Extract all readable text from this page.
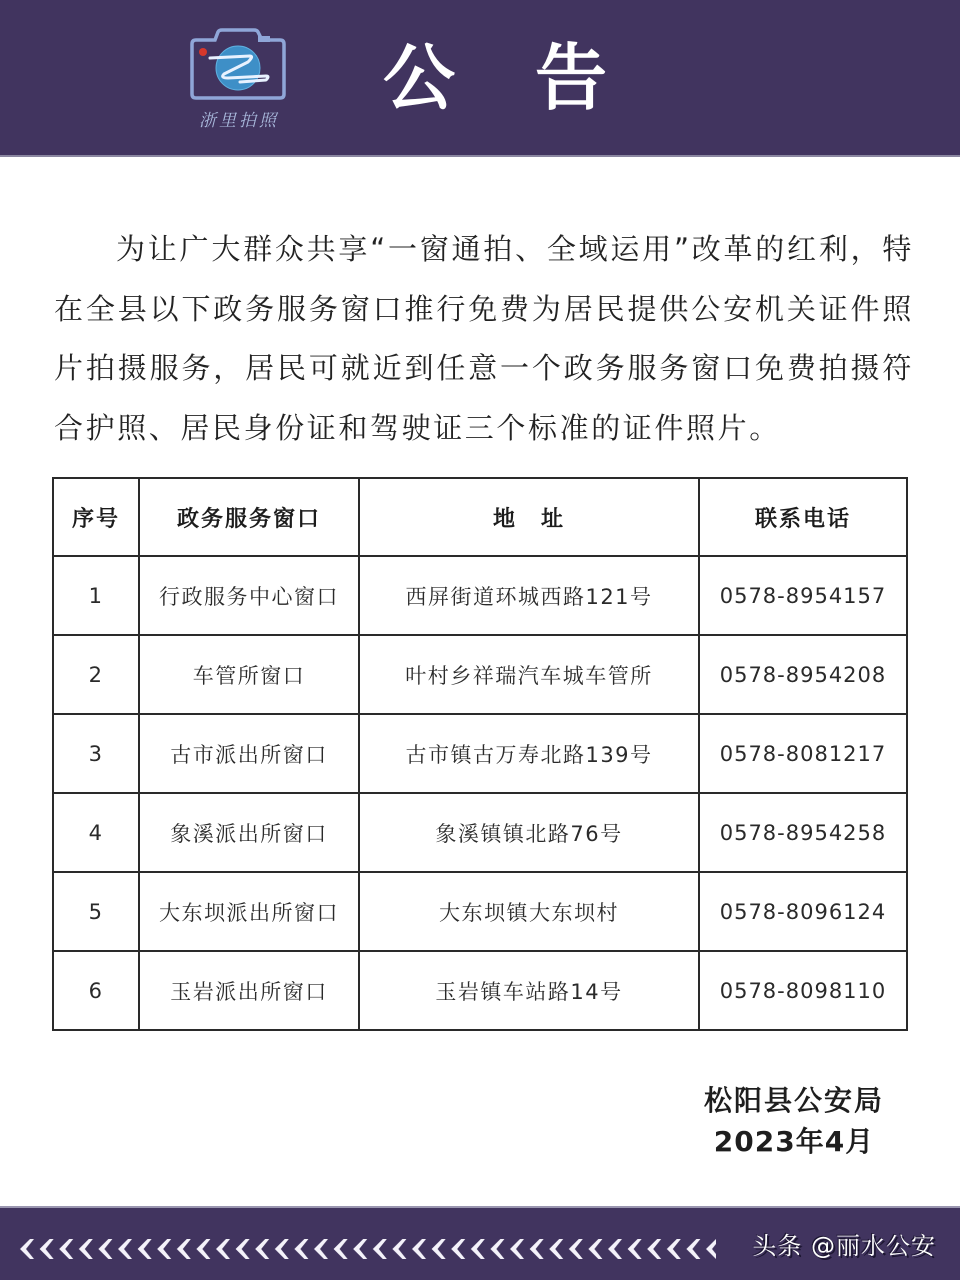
浙里拍照
公告

为让广大群众共享“一窗通拍、全域运用”改革的红利，特在全县以下政务服务窗口推行免费为居民提供公安机关证件照片拍摄服务，居民可就近到任意一个政务服务窗口免费拍摄符合护照、居民身份证和驾驶证三个标准的证件照片。

序号	政务服务窗口	地　址	联系电话
1	行政服务中心窗口	西屏街道环城西路121号	0578-8954157
2	车管所窗口	叶村乡祥瑞汽车城车管所	0578-8954208
3	古市派出所窗口	古市镇古万寿北路139号	0578-8081217
4	象溪派出所窗口	象溪镇镇北路76号	0578-8954258
5	大东坝派出所窗口	大东坝镇大东坝村	0578-8096124
6	玉岩派出所窗口	玉岩镇车站路14号	0578-8098110
松阳县公安局
2023年4月
头条 @丽水公安
